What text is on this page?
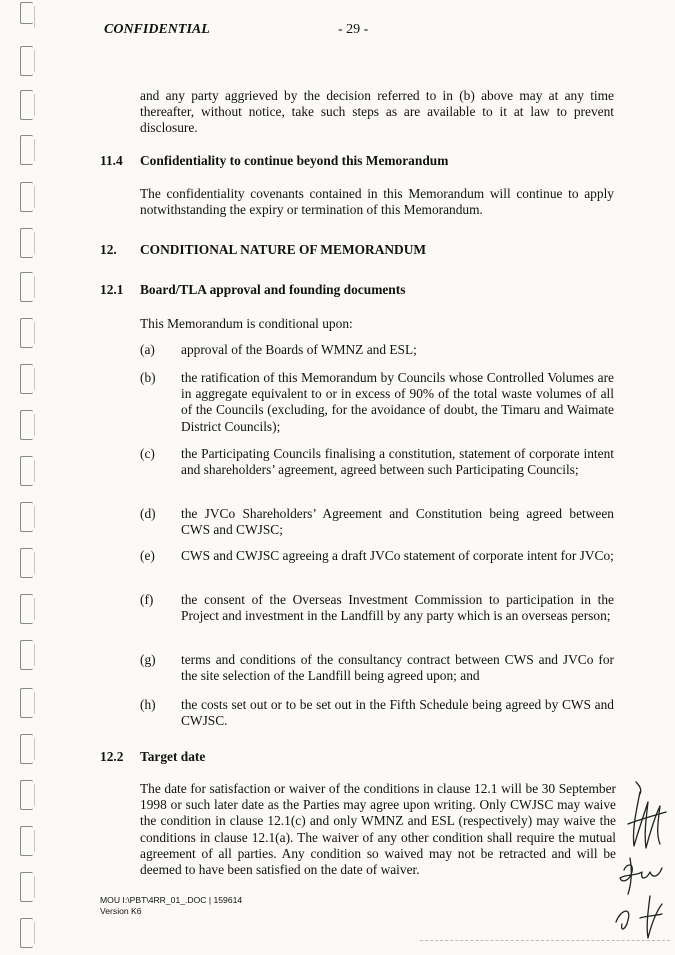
CONFIDENTIAL	- 29 -
and any party aggrieved by the decision referred to in (b) above may at any time thereafter, without notice, take such steps as are available to it at law to prevent disclosure.
11.4 Confidentiality to continue beyond this Memorandum
The confidentiality covenants contained in this Memorandum will continue to apply notwithstanding the expiry or termination of this Memorandum.
12. CONDITIONAL NATURE OF MEMORANDUM
12.1 Board/TLA approval and founding documents
This Memorandum is conditional upon:
(a) approval of the Boards of WMNZ and ESL;
(b) the ratification of this Memorandum by Councils whose Controlled Volumes are in aggregate equivalent to or in excess of 90% of the total waste volumes of all of the Councils (excluding, for the avoidance of doubt, the Timaru and Waimate District Councils);
(c) the Participating Councils finalising a constitution, statement of corporate intent and shareholders’ agreement, agreed between such Participating Councils;
(d) the JVCo Shareholders’ Agreement and Constitution being agreed between CWS and CWJSC;
(e) CWS and CWJSC agreeing a draft JVCo statement of corporate intent for JVCo;
(f) the consent of the Overseas Investment Commission to participation in the Project and investment in the Landfill by any party which is an overseas person;
(g) terms and conditions of the consultancy contract between CWS and JVCo for the site selection of the Landfill being agreed upon; and
(h) the costs set out or to be set out in the Fifth Schedule being agreed by CWS and CWJSC.
12.2 Target date
The date for satisfaction or waiver of the conditions in clause 12.1 will be 30 September 1998 or such later date as the Parties may agree upon writing. Only CWJSC may waive the condition in clause 12.1(c) and only WMNZ and ESL (respectively) may waive the conditions in clause 12.1(a). The waiver of any other condition shall require the mutual agreement of all parties. Any condition so waived may not be retracted and will be deemed to have been satisfied on the date of waiver.
MOU I:\PBT\4RR_01_.DOC | 159614
Version K6
